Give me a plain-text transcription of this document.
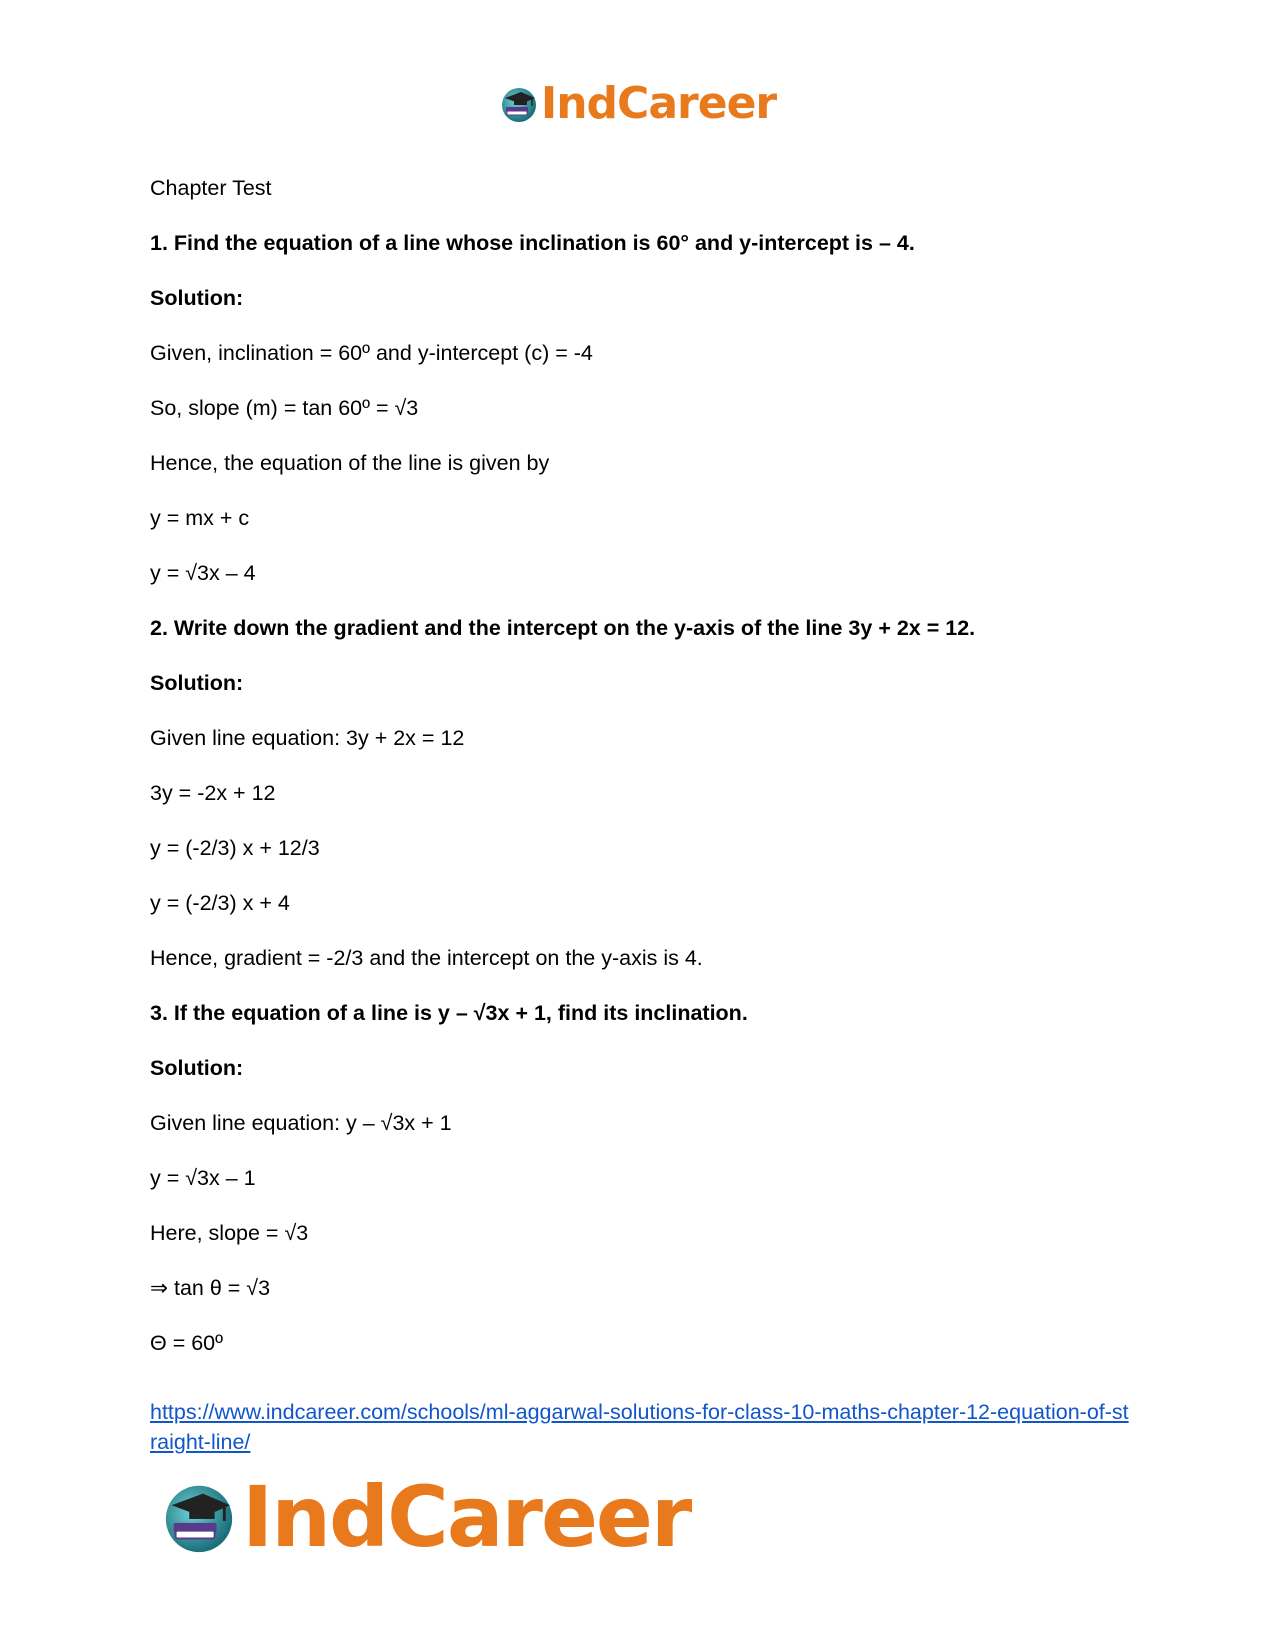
IndCareer
Chapter Test
1. Find the equation of a line whose inclination is 60° and y-intercept is – 4.
Solution:
Given, inclination = 60º and y-intercept (c) = -4
So, slope (m) = tan 60º = √3
Hence, the equation of the line is given by
y = mx + c
y = √3x – 4
2. Write down the gradient and the intercept on the y-axis of the line 3y + 2x = 12.
Solution:
Given line equation: 3y + 2x = 12
3y = -2x + 12
y = (-2/3) x + 12/3
y = (-2/3) x + 4
Hence, gradient = -2/3 and the intercept on the y-axis is 4.
3. If the equation of a line is y – √3x + 1, find its inclination.
Solution:
Given line equation: y – √3x + 1
y = √3x – 1
Here, slope = √3
⇒ tan θ = √3
Θ = 60º
https://www.indcareer.com/schools/ml-aggarwal-solutions-for-class-10-maths-chapter-12-equation-of-straight-line/
IndCareer
